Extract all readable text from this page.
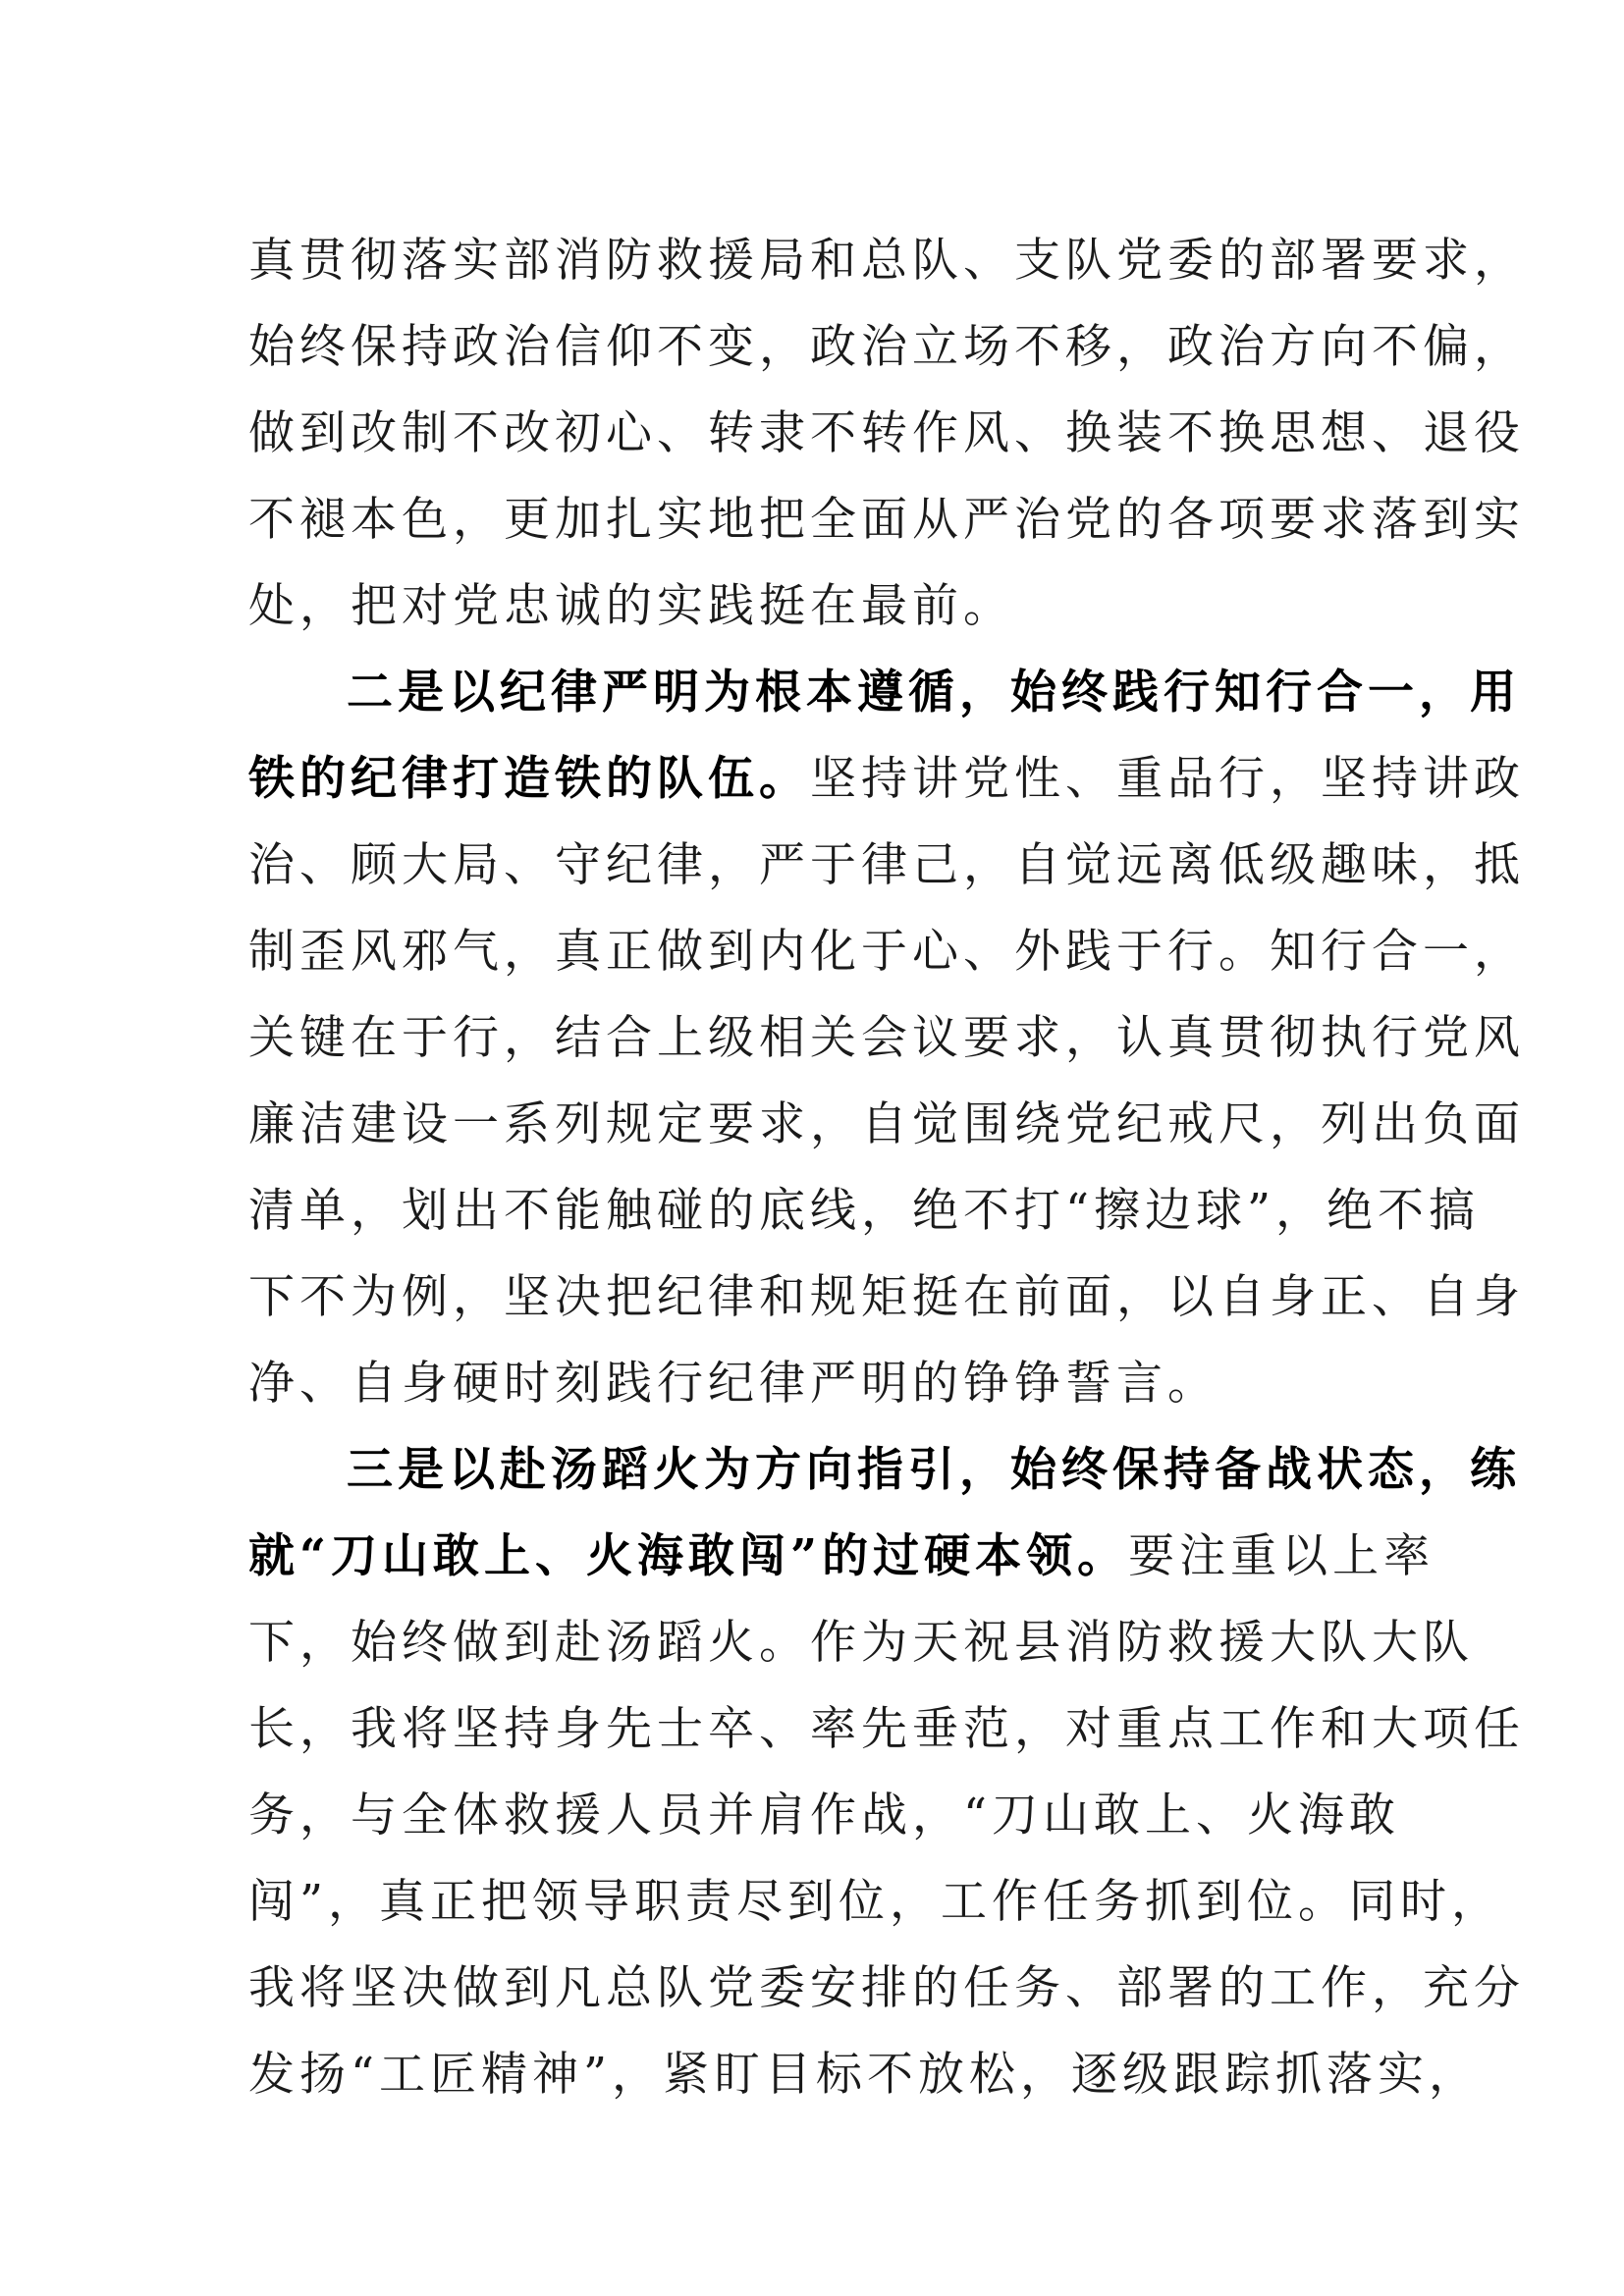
真贯彻落实部消防救援局和总队、支队党委的部署要求，
始终保持政治信仰不变，政治立场不移，政治方向不偏，
做到改制不改初心、转隶不转作风、换装不换思想、退役
不褪本色，更加扎实地把全面从严治党的各项要求落到实
处，把对党忠诚的实践挺在最前。
二是以纪律严明为根本遵循，始终践行知行合一，用
铁的纪律打造铁的队伍。坚持讲党性、重品行，坚持讲政
治、顾大局、守纪律，严于律己，自觉远离低级趣味，抵
制歪风邪气，真正做到内化于心、外践于行。知行合一，
关键在于行，结合上级相关会议要求，认真贯彻执行党风
廉洁建设一系列规定要求，自觉围绕党纪戒尺，列出负面
清单，划出不能触碰的底线，绝不打“擦边球”，绝不搞
下不为例，坚决把纪律和规矩挺在前面，以自身正、自身
净、自身硬时刻践行纪律严明的铮铮誓言。
三是以赴汤蹈火为方向指引，始终保持备战状态，练
就“刀山敢上、火海敢闯”的过硬本领。要注重以上率
下，始终做到赴汤蹈火。作为天祝县消防救援大队大队
长，我将坚持身先士卒、率先垂范，对重点工作和大项任
务，与全体救援人员并肩作战，“刀山敢上、火海敢
闯”，真正把领导职责尽到位，工作任务抓到位。同时，
我将坚决做到凡总队党委安排的任务、部署的工作，充分
发扬“工匠精神”，紧盯目标不放松，逐级跟踪抓落实，
